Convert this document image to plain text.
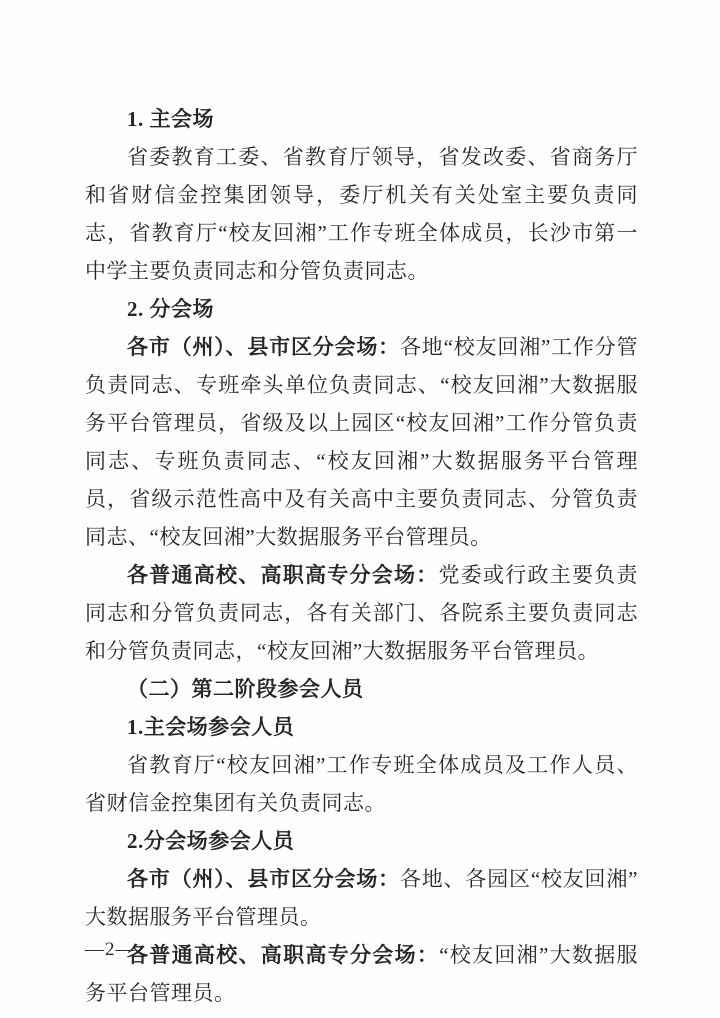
1. 主会场

省委教育工委、省教育厅领导，省发改委、省商务厅和省财信金控集团领导，委厅机关有关处室主要负责同志，省教育厅“校友回湘”工作专班全体成员，长沙市第一中学主要负责同志和分管负责同志。

2. 分会场

各市（州）、县市区分会场：各地“校友回湘”工作分管负责同志、专班牵头单位负责同志、“校友回湘”大数据服务平台管理员，省级及以上园区“校友回湘”工作分管负责同志、专班负责同志、“校友回湘”大数据服务平台管理员，省级示范性高中及有关高中主要负责同志、分管负责同志、“校友回湘”大数据服务平台管理员。

各普通高校、高职高专分会场：党委或行政主要负责同志和分管负责同志，各有关部门、各院系主要负责同志和分管负责同志，“校友回湘”大数据服务平台管理员。

（二）第二阶段参会人员

1.主会场参会人员

省教育厅“校友回湘”工作专班全体成员及工作人员、省财信金控集团有关负责同志。

2.分会场参会人员

各市（州）、县市区分会场：各地、各园区“校友回湘”大数据服务平台管理员。

各普通高校、高职高专分会场：“校友回湘”大数据服务平台管理员。

—2—
